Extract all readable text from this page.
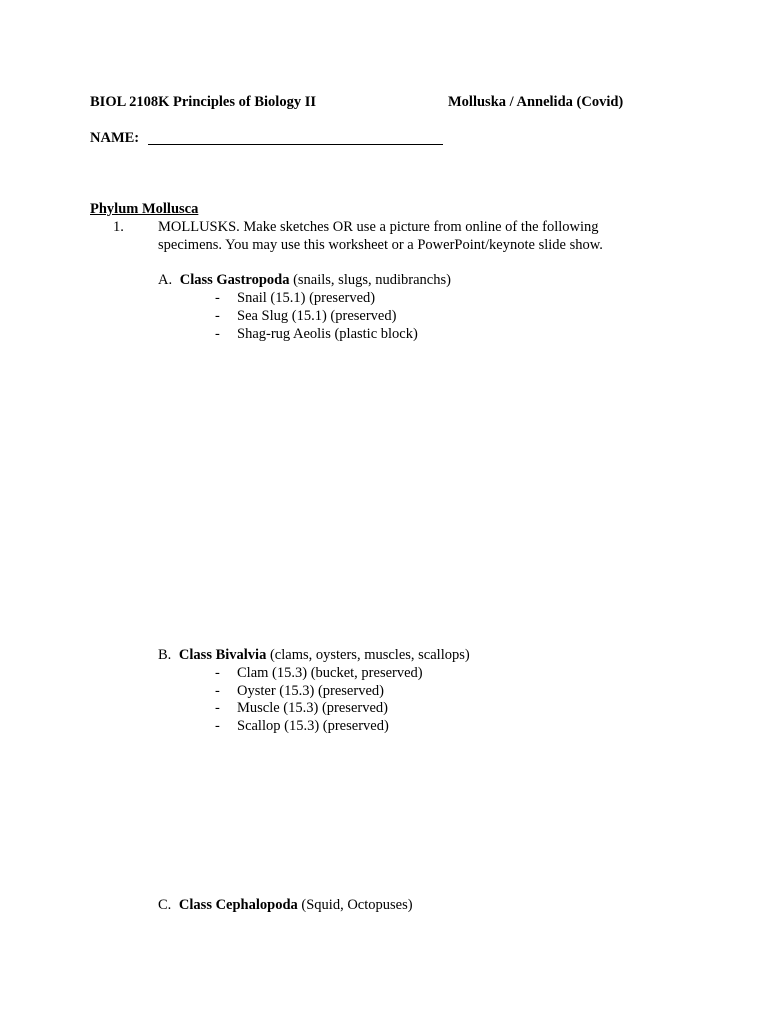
BIOL 2108K Principles of Biology II	Molluska / Annelida (Covid)
NAME:
Phylum Mollusca
1. MOLLUSKS. Make sketches OR use a picture from online of the following
specimens. You may use this worksheet or a PowerPoint/keynote slide show.
A. Class Gastropoda (snails, slugs, nudibranchs)
- Snail (15.1) (preserved)
- Sea Slug (15.1) (preserved)
- Shag-rug Aeolis (plastic block)
B. Class Bivalvia (clams, oysters, muscles, scallops)
- Clam (15.3) (bucket, preserved)
- Oyster (15.3) (preserved)
- Muscle (15.3) (preserved)
- Scallop (15.3) (preserved)
C. Class Cephalopoda (Squid, Octopuses)
